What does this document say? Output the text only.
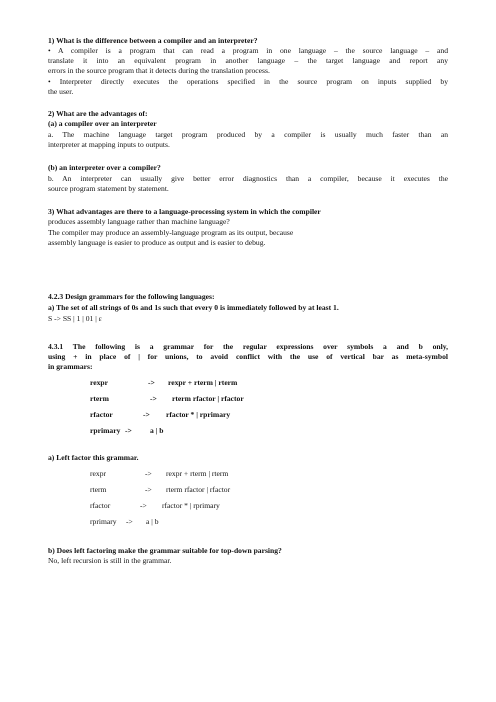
1) What is the difference between a compiler and an interpreter?
• A compiler is a program that can read a program in one language – the source language – and
translate it into an equivalent program in another language – the target language and report any
errors in the source program that it detects during the translation process.
• Interpreter directly executes the operations specified in the source program on inputs supplied by
the user.
2) What are the advantages of:
(a) a compiler over an interpreter
a. The machine language target program produced by a compiler is usually much faster than an
interpreter at mapping inputs to outputs.
(b) an interpreter over a compiler?
b. An interpreter can usually give better error diagnostics than a compiler, because it executes the
source program statement by statement.
3) What advantages are there to a language-processing system in which the compiler
produces assembly language rather than machine language?
The compiler may produce an assembly-language program as its output, because
assembly language is easier to produce as output and is easier to debug.
4.2.3 Design grammars for the following languages:
a) The set of all strings of 0s and 1s such that every 0 is immediately followed by at least 1.
S -> SS | 1 | 01 | ε
4.3.1 The following is a grammar for the regular expressions over symbols a and b only,
using + in place of | for unions, to avoid conflict with the use of vertical bar as meta-symbol
in grammars:
rexpr	-> rexpr + rterm | rterm
rterm	-> rterm rfactor | rfactor
rfactor	-> rfactor * | rprimary
rprimary -> a | b
a) Left factor this grammar.
rexpr	-> rexpr + rterm | rterm
rterm	-> rterm rfactor | rfactor
rfactor	-> rfactor * | rprimary
rprimary -> a | b
b) Does left factoring make the grammar suitable for top-down parsing?
No, left recursion is still in the grammar.
